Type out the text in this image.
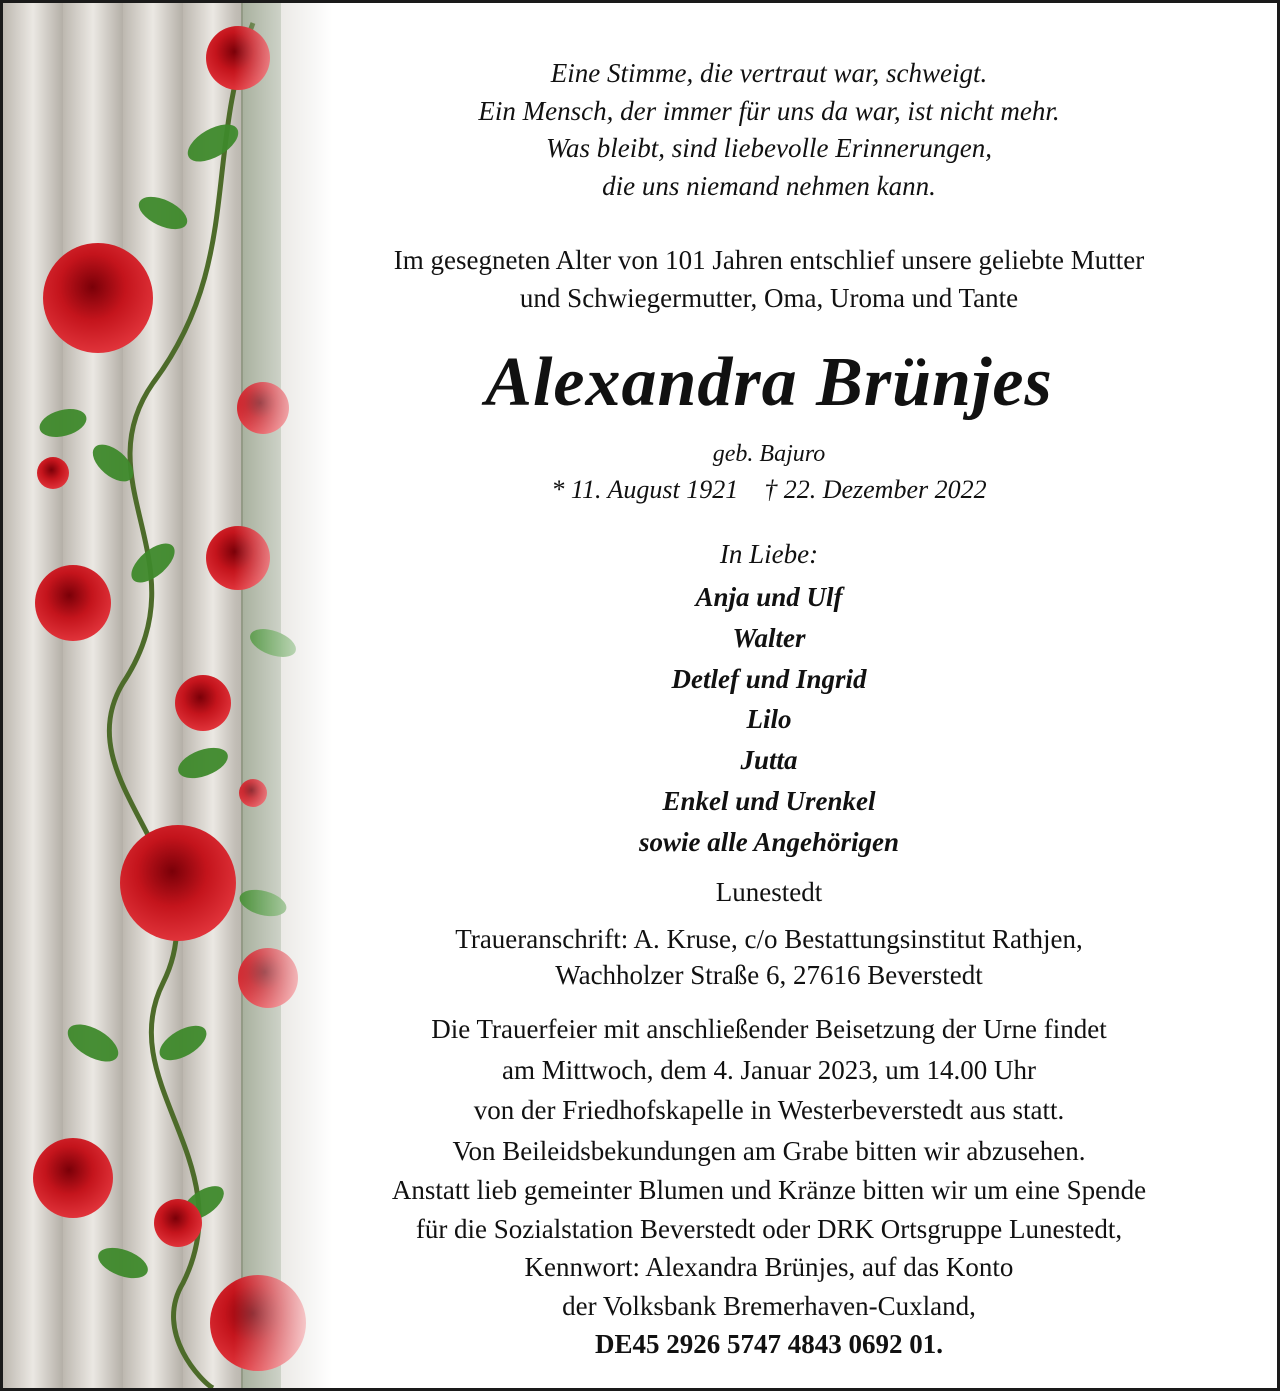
Eine Stimme, die vertraut war, schweigt.
Ein Mensch, der immer für uns da war, ist nicht mehr.
Was bleibt, sind liebevolle Erinnerungen,
die uns niemand nehmen kann.
Im gesegneten Alter von 101 Jahren entschlief unsere geliebte Mutter
und Schwiegermutter, Oma, Uroma und Tante
Alexandra Brünjes
geb. Bajuro
* 11. August 1921    † 22. Dezember 2022
In Liebe:
Anja und Ulf
Walter
Detlef und Ingrid
Lilo
Jutta
Enkel und Urenkel
sowie alle Angehörigen
Lunestedt
Traueranschrift: A. Kruse, c/o Bestattungsinstitut Rathjen,
Wachholzer Straße 6, 27616 Beverstedt
Die Trauerfeier mit anschließender Beisetzung der Urne findet
am Mittwoch, dem 4. Januar 2023, um 14.00 Uhr
von der Friedhofskapelle in Westerbeverstedt aus statt.
Von Beileidsbekundungen am Grabe bitten wir abzusehen.
Anstatt lieb gemeinter Blumen und Kränze bitten wir um eine Spende
für die Sozialstation Beverstedt oder DRK Ortsgruppe Lunestedt,
Kennwort: Alexandra Brünjes, auf das Konto
der Volksbank Bremerhaven-Cuxland,
DE45 2926 5747 4843 0692 01.
